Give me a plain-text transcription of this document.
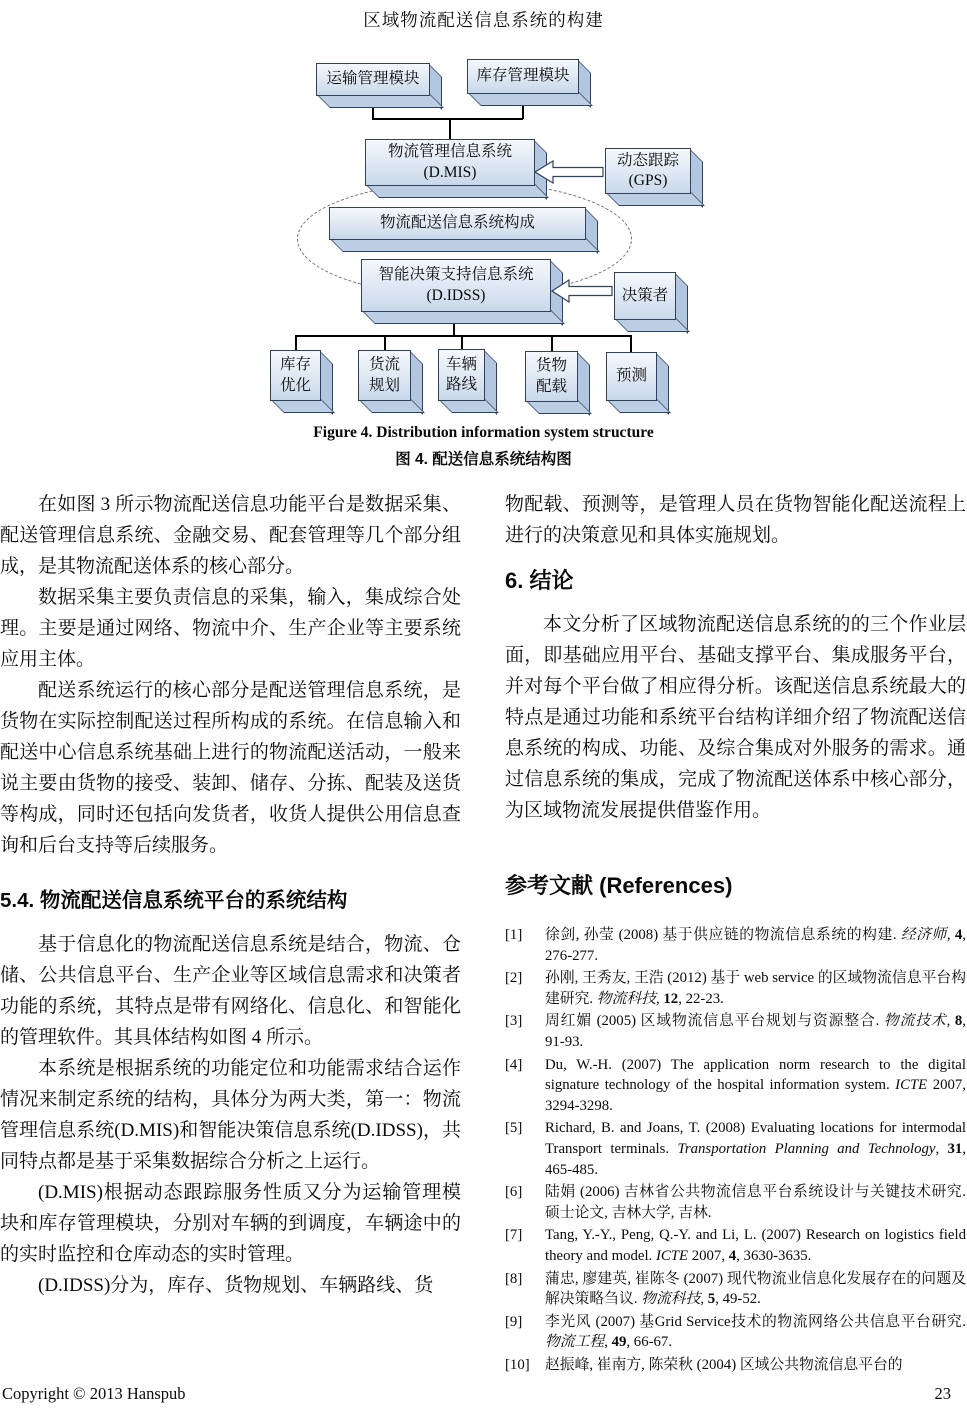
区域物流配送信息系统的构建
运输管理模块	库存管理模块
物流管理信息系统
(D.MIS)
动态跟踪
(GPS)
物流配送信息系统构成
智能决策支持信息系统
(D.IDSS)	决策者
库存
优化
货流
规划
车辆
路线
货物
配载
预测
Figure 4. Distribution information system structure
图 4. 配送信息系统结构图

在如图 3 所示物流配送信息功能平台是数据采集、配送管理信息系统、金融交易、配套管理等几个部分组成，是其物流配送体系的核心部分。

数据采集主要负责信息的采集，输入，集成综合处理。主要是通过网络、物流中介、生产企业等主要系统应用主体。

配送系统运行的核心部分是配送管理信息系统，是货物在实际控制配送过程所构成的系统。在信息输入和配送中心信息系统基础上进行的物流配送活动，一般来说主要由货物的接受、装卸、储存、分拣、配装及送货等构成，同时还包括向发货者，收货人提供公用信息查询和后台支持等后续服务。

5.4. 物流配送信息系统平台的系统结构

基于信息化的物流配送信息系统是结合，物流、仓储、公共信息平台、生产企业等区域信息需求和决策者功能的系统，其特点是带有网络化、信息化、和智能化的管理软件。其具体结构如图 4 所示。

本系统是根据系统的功能定位和功能需求结合运作情况来制定系统的结构，具体分为两大类，第一：物流管理信息系统(D.MIS)和智能决策信息系统(D.IDSS)，共同特点都是基于采集数据综合分析之上运行。

(D.MIS)根据动态跟踪服务性质又分为运输管理模块和库存管理模块，分别对车辆的到调度，车辆途中的的实时监控和仓库动态的实时管理。

(D.IDSS)分为，库存、货物规划、车辆路线、货

物配载、预测等，是管理人员在货物智能化配送流程上进行的决策意见和具体实施规划。

6. 结论

本文分析了区域物流配送信息系统的的三个作业层面，即基础应用平台、基础支撑平台、集成服务平台，并对每个平台做了相应得分析。该配送信息系统最大的特点是通过功能和系统平台结构详细介绍了物流配送信息系统的构成、功能、及综合集成对外服务的需求。通过信息系统的集成，完成了物流配送体系中核心部分，为区域物流发展提供借鉴作用。

参考文献 (References)
[1]	徐剑, 孙莹 (2008) 基于供应链的物流信息系统的构建. 经济师, 4, 276-277.
[2]	孙刚, 王秀友, 王浩 (2012) 基于 web service 的区域物流信息平台构建研究. 物流科技, 12, 22-23.
[3]	周红媚 (2005) 区域物流信息平台规划与资源整合. 物流技术, 8, 91-93.
[4]	Du, W.-H. (2007) The application norm research to the digital signature technology of the hospital information system. ICTE 2007, 3294-3298.
[5]	Richard, B. and Joans, T. (2008) Evaluating locations for intermodal Transport terminals. Transportation Planning and Technology, 31, 465-485.
[6]	陆娟 (2006) 吉林省公共物流信息平台系统设计与关键技术研究. 硕士论文, 吉林大学, 吉林.
[7]	Tang, Y.-Y., Peng, Q.-Y. and Li, L. (2007) Research on logistics field theory and model. ICTE 2007, 4, 3630-3635.
[8]	蒲忠, 廖建英, 崔陈冬 (2007) 现代物流业信息化发展存在的问题及解决策略刍议. 物流科技, 5, 49-52.
[9]	李光风 (2007) 基Grid Service技术的物流网络公共信息平台研究. 物流工程, 49, 66-67.
[10]	赵振峰, 崔南方, 陈荣秋 (2004) 区域公共物流信息平台的
Copyright © 2013 Hanspub	23
